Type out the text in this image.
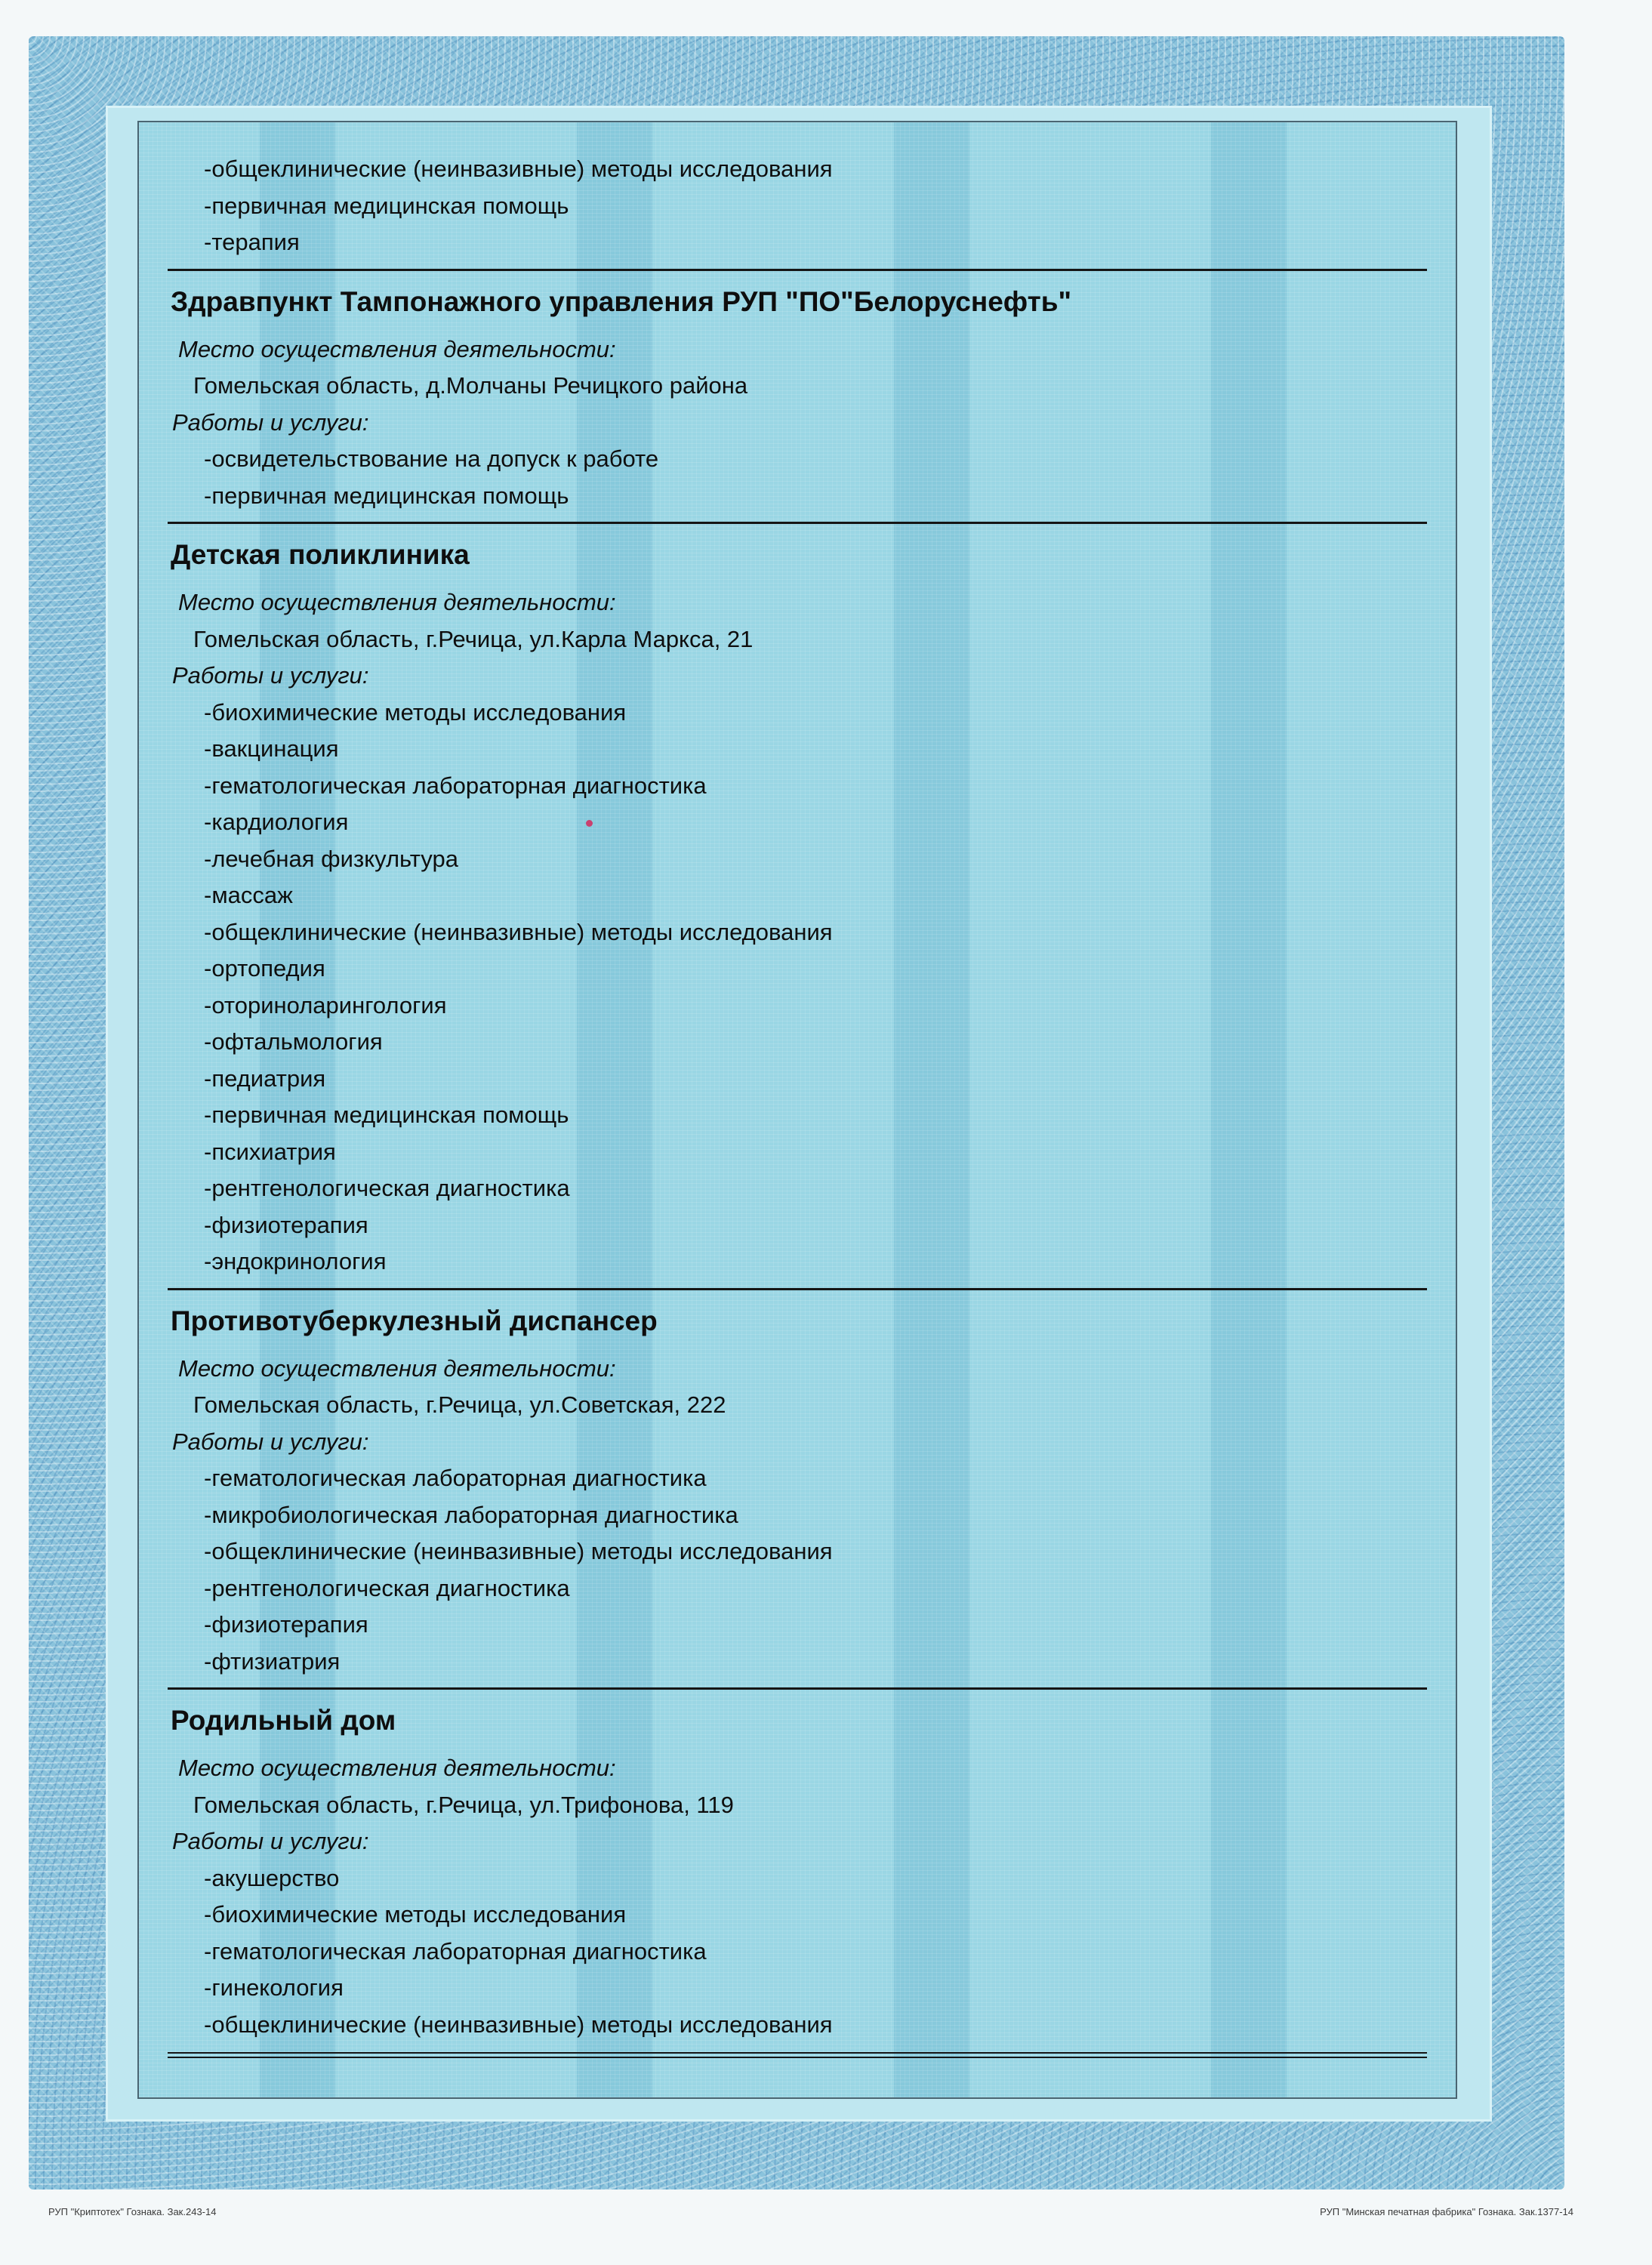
-общеклинические (неинвазивные) методы исследования
-первичная медицинская помощь
-терапия
Здравпункт Тампонажного управления РУП "ПО"Белоруснефть"
Место осуществления деятельности:
Гомельская область, д.Молчаны Речицкого района
Работы и услуги:
-освидетельствование на допуск к работе
-первичная медицинская помощь
Детская поликлиника
Место осуществления деятельности:
Гомельская область, г.Речица, ул.Карла Маркса, 21
Работы и услуги:
-биохимические методы исследования
-вакцинация
-гематологическая лабораторная диагностика
-кардиология
-лечебная физкультура
-массаж
-общеклинические (неинвазивные) методы исследования
-ортопедия
-оториноларингология
-офтальмология
-педиатрия
-первичная медицинская помощь
-психиатрия
-рентгенологическая диагностика
-физиотерапия
-эндокринология
Противотуберкулезный диспансер
Место осуществления деятельности:
Гомельская область, г.Речица, ул.Советская, 222
Работы и услуги:
-гематологическая лабораторная диагностика
-микробиологическая лабораторная диагностика
-общеклинические (неинвазивные) методы исследования
-рентгенологическая диагностика
-физиотерапия
-фтизиатрия
Родильный дом
Место осуществления деятельности:
Гомельская область, г.Речица, ул.Трифонова, 119
Работы и услуги:
-акушерство
-биохимические методы исследования
-гематологическая лабораторная диагностика
-гинекология
-общеклинические (неинвазивные) методы исследования
РУП "Криптотех" Гознака. Зак.243-14	РУП "Минская печатная фабрика" Гознака. Зак.1377-14
